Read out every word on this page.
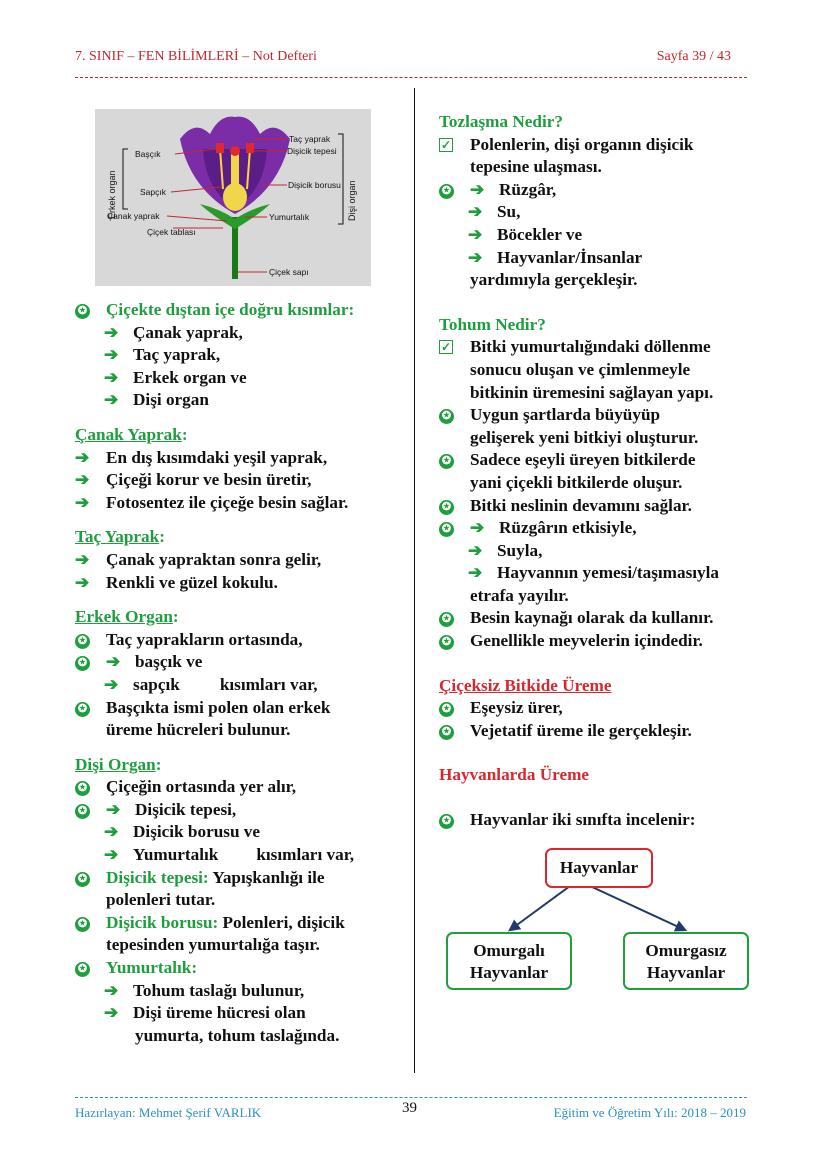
7. SINIF – FEN BİLİMLERİ – Not Defteri	Sayfa 39 / 43
Başçık
Sapçık
Çanak yaprak
Çiçek tablası
Taç yaprak
Dişicik tepesi
Dişicik borusu
Yumurtalık
Çiçek sapı
Erkek organ	Dişi organ

✪ Çiçekte dıştan içe doğru kısımlar:

➔ Çanak yaprak,

➔ Taç yaprak,

➔ Erkek organ ve

➔ Dişi organ

Çanak Yaprak:

➔ En dış kısımdaki yeşil yaprak,

➔ Çiçeği korur ve besin üretir,

➔ Fotosentez ile çiçeğe besin sağlar.

Taç Yaprak:

➔ Çanak yapraktan sonra gelir,

➔ Renkli ve güzel kokulu.

Erkek Organ:

✪ Taç yaprakların ortasında,

✪ ➔ başçık ve

➔ sapçık kısımları var,

✪ Başçıkta ismi polen olan erkek

üreme hücreleri bulunur.

Dişi Organ:

✪ Çiçeğin ortasında yer alır,

✪ ➔ Dişicik tepesi,

➔ Dişicik borusu ve

➔ Yumurtalık kısımları var,

✪ Dişicik tepesi: Yapışkanlığı ile

polenleri tutar.

✪ Dişicik borusu: Polenleri, dişicik

tepesinden yumurtalığa taşır.

✪ Yumurtalık:

➔ Tohum taslağı bulunur,

➔ Dişi üreme hücresi olan

yumurta, tohum taslağında.

Tozlaşma Nedir?

✓ Polenlerin, dişi organın dişicik

tepesine ulaşması.

✪ ➔ Rüzgâr,

➔ Su,

➔ Böcekler ve

➔ Hayvanlar/İnsanlar

yardımıyla gerçekleşir.

Tohum Nedir?

✓ Bitki yumurtalığındaki döllenme

sonucu oluşan ve çimlenmeyle

bitkinin üremesini sağlayan yapı.

✪ Uygun şartlarda büyüyüp

gelişerek yeni bitkiyi oluşturur.

✪ Sadece eşeyli üreyen bitkilerde

yani çiçekli bitkilerde oluşur.

✪ Bitki neslinin devamını sağlar.

✪ ➔ Rüzgârın etkisiyle,

➔ Suyla,

➔ Hayvannın yemesi/taşımasıyla

etrafa yayılır.

✪ Besin kaynağı olarak da kullanır.

✪ Genellikle meyvelerin içindedir.

Çiçeksiz Bitkide Üreme

✪ Eşeysiz ürer,

✪ Vejetatif üreme ile gerçekleşir.

Hayvanlarda Üreme

✪ Hayvanlar iki sınıfta incelenir:

Hayvanlar
Omurgalı
Hayvanlar
Omurgasız
Hayvanlar
Hazırlayan: Mehmet Şerif VARLIK	39	Eğitim ve Öğretim Yılı: 2018 – 2019
